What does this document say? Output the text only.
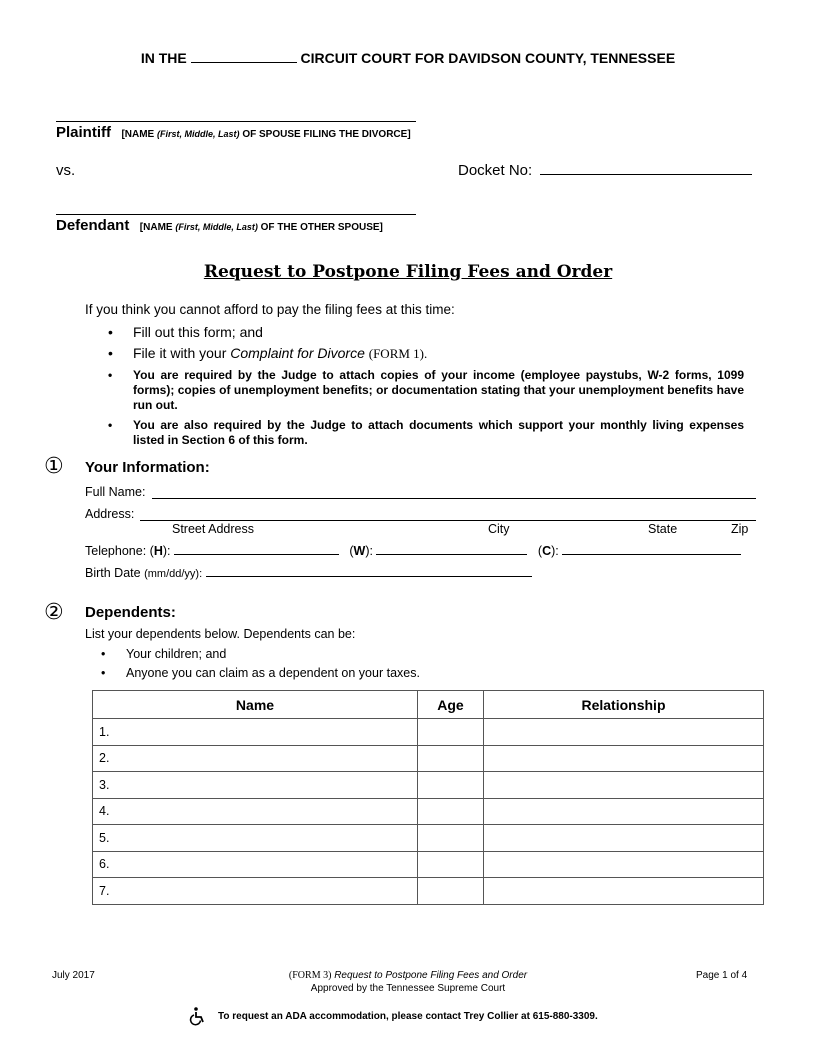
IN THE	CIRCUIT COURT FOR DAVIDSON COUNTY, TENNESSEE
Plaintiff [NAME (First, Middle, Last) OF SPOUSE FILING THE DIVORCE]
vs.	Docket No:
Defendant [NAME (First, Middle, Last) OF THE OTHER SPOUSE]
Request to Postpone Filing Fees and Order
If you think you cannot afford to pay the filing fees at this time:
• Fill out this form; and
• File it with your Complaint for Divorce (FORM 1).
• You are required by the Judge to attach copies of your income (employee paystubs, W-2 forms, 1099 forms); copies of unemployment benefits; or documentation stating that your unemployment benefits have run out.
• You are also required by the Judge to attach documents which support your monthly living expenses listed in Section 6 of this form.
① Your Information:
Full Name:
Address:
Street Address	City	State	Zip
Telephone: (H):	(W):	(C):
Birth Date (mm/dd/yy):
② Dependents:
List your dependents below. Dependents can be:
• Your children; and
• Anyone you can claim as a dependent on your taxes.
Name	Age	Relationship
1.		
2.		
3.		
4.		
5.		
6.		
7.		
July 2017	(FORM 3) Request to Postpone Filing Fees and Order
Approved by the Tennessee Supreme Court
Page 1 of 4
To request an ADA accommodation, please contact Trey Collier at 615-880-3309.
